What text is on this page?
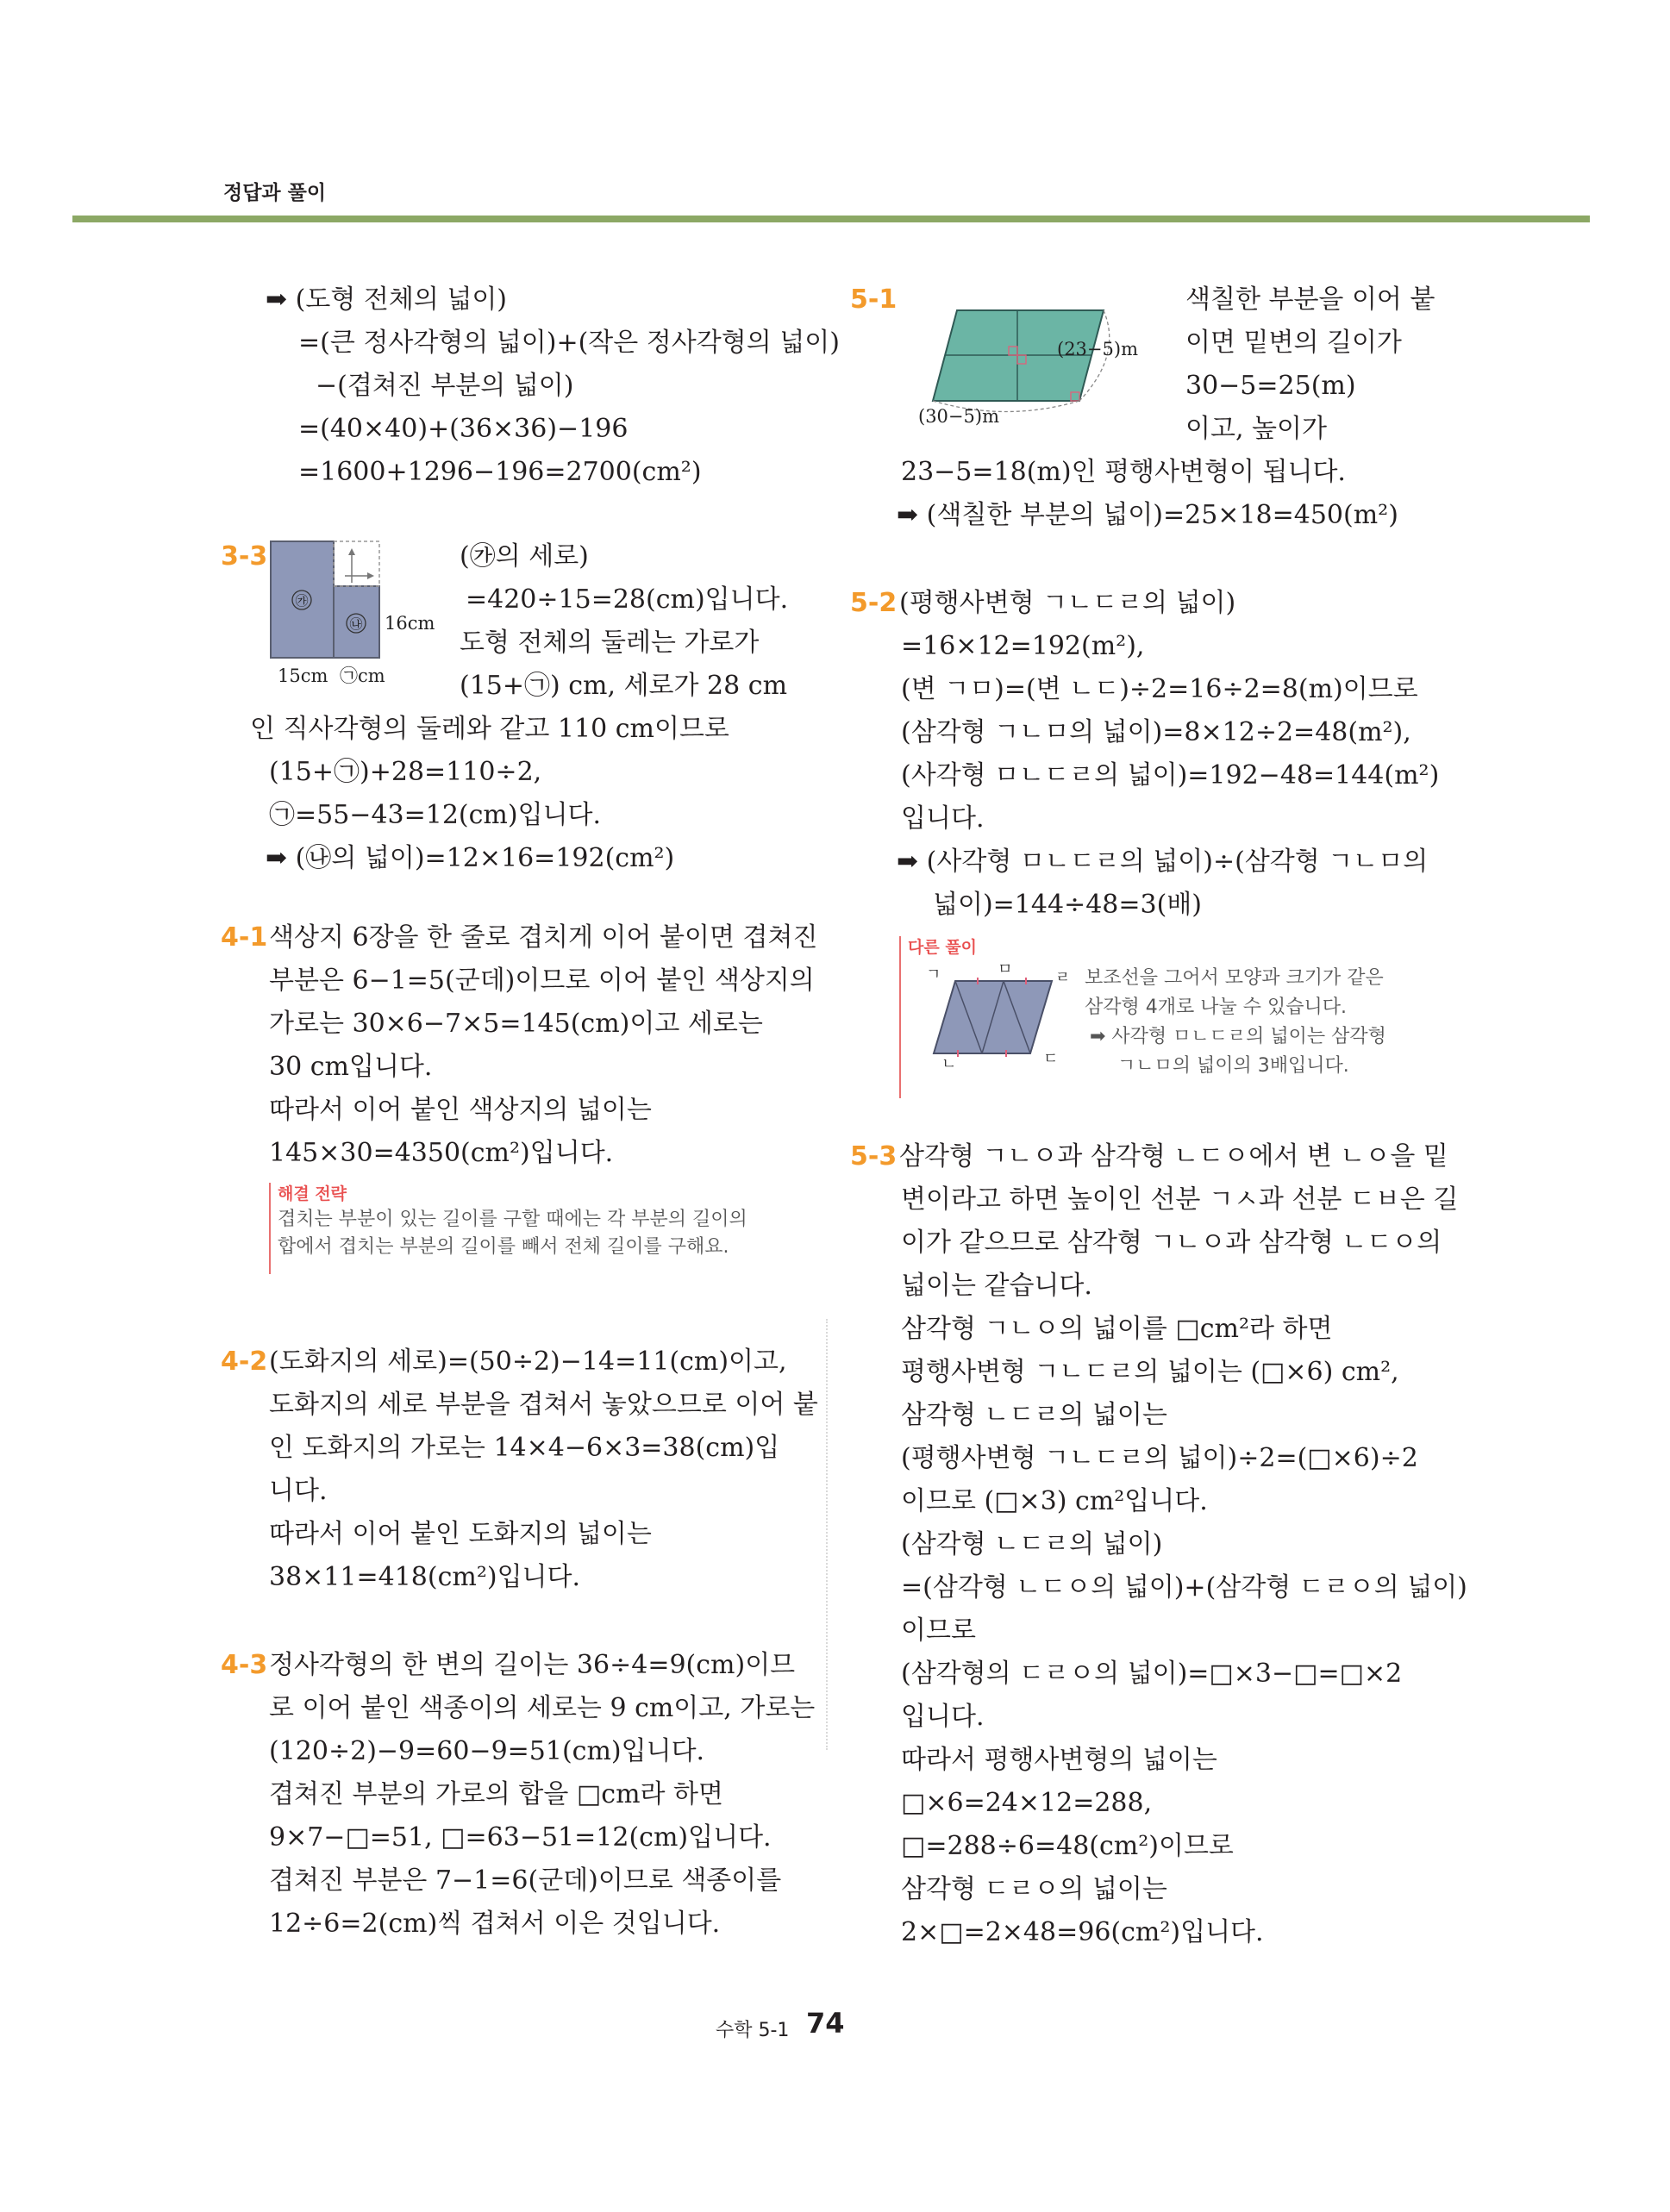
정답과 풀이
➡ (도형 전체의 넓이)
=(큰 정사각형의 넓이)+(작은 정사각형의 넓이)
−(겹쳐진 부분의 넓이)
=(40×40)+(36×36)−196
=1600+1296−196=2700(cm²)
3-3
㉮
㉯ 16cm
15cm ㉠cm
(㉮의 세로)
=420÷15=28(cm)입니다.
도형 전체의 둘레는 가로가
(15+㉠) cm, 세로가 28 cm
인 직사각형의 둘레와 같고 110 cm이므로
(15+㉠)+28=110÷2,
㉠=55−43=12(cm)입니다.
➡ (㉯의 넓이)=12×16=192(cm²)
4-1 색상지 6장을 한 줄로 겹치게 이어 붙이면 겹쳐진
부분은 6−1=5(군데)이므로 이어 붙인 색상지의
가로는 30×6−7×5=145(cm)이고 세로는
30 cm입니다.
따라서 이어 붙인 색상지의 넓이는
145×30=4350(cm²)입니다.
해결 전략
겹치는 부분이 있는 길이를 구할 때에는 각 부분의 길이의
합에서 겹치는 부분의 길이를 빼서 전체 길이를 구해요.
4-2 (도화지의 세로)=(50÷2)−14=11(cm)이고,
도화지의 세로 부분을 겹쳐서 놓았으므로 이어 붙
인 도화지의 가로는 14×4−6×3=38(cm)입
니다.
따라서 이어 붙인 도화지의 넓이는
38×11=418(cm²)입니다.
4-3 정사각형의 한 변의 길이는 36÷4=9(cm)이므
로 이어 붙인 색종이의 세로는 9 cm이고, 가로는
(120÷2)−9=60−9=51(cm)입니다.
겹쳐진 부분의 가로의 합을 □cm라 하면
9×7−□=51, □=63−51=12(cm)입니다.
겹쳐진 부분은 7−1=6(군데)이므로 색종이를
12÷6=2(cm)씩 겹쳐서 이은 것입니다.
5-1
(23−5)m
(30−5)m
색칠한 부분을 이어 붙
이면 밑변의 길이가
30−5=25(m)
이고, 높이가
23−5=18(m)인 평행사변형이 됩니다.
➡ (색칠한 부분의 넓이)=25×18=450(m²)
5-2 (평행사변형 ㄱㄴㄷㄹ의 넓이)
=16×12=192(m²),
(변 ㄱㅁ)=(변 ㄴㄷ)÷2=16÷2=8(m)이므로
(삼각형 ㄱㄴㅁ의 넓이)=8×12÷2=48(m²),
(사각형 ㅁㄴㄷㄹ의 넓이)=192−48=144(m²)
입니다.
➡ (사각형 ㅁㄴㄷㄹ의 넓이)÷(삼각형 ㄱㄴㅁ의
넓이)=144÷48=3(배)
다른 풀이
ㄱ	ㅁ	ㄹ
ㄴ	ㄷ
보조선을 그어서 모양과 크기가 같은
삼각형 4개로 나눌 수 있습니다.
➡ 사각형 ㅁㄴㄷㄹ의 넓이는 삼각형
ㄱㄴㅁ의 넓이의 3배입니다.
5-3 삼각형 ㄱㄴㅇ과 삼각형 ㄴㄷㅇ에서 변 ㄴㅇ을 밑
변이라고 하면 높이인 선분 ㄱㅅ과 선분 ㄷㅂ은 길
이가 같으므로 삼각형 ㄱㄴㅇ과 삼각형 ㄴㄷㅇ의
넓이는 같습니다.
삼각형 ㄱㄴㅇ의 넓이를 □cm²라 하면
평행사변형 ㄱㄴㄷㄹ의 넓이는 (□×6) cm²,
삼각형 ㄴㄷㄹ의 넓이는
(평행사변형 ㄱㄴㄷㄹ의 넓이)÷2=(□×6)÷2
이므로 (□×3) cm²입니다.
(삼각형 ㄴㄷㄹ의 넓이)
=(삼각형 ㄴㄷㅇ의 넓이)+(삼각형 ㄷㄹㅇ의 넓이)
이므로
(삼각형의 ㄷㄹㅇ의 넓이)=□×3−□=□×2
입니다.
따라서 평행사변형의 넓이는
□×6=24×12=288,
□=288÷6=48(cm²)이므로
삼각형 ㄷㄹㅇ의 넓이는
2×□=2×48=96(cm²)입니다.
수학 5-1 74
